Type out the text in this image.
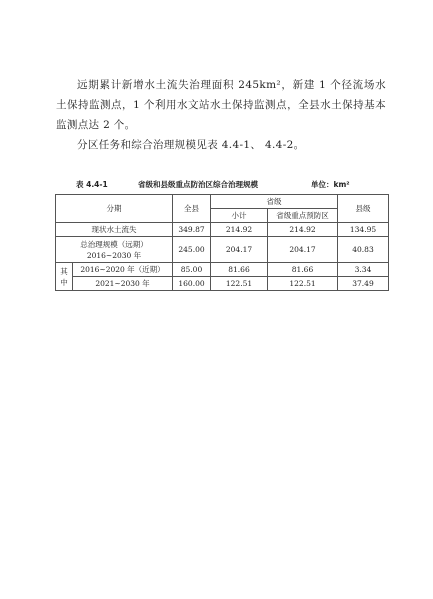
远期累计新增水土流失治理面积 245km²，新建 1 个径流场水土保持监测点，1 个利用水文站水土保持监测点，全县水土保持基本监测点达 2 个。

分区任务和综合治理规模见表 4.4-1、 4.4-2。

表 4.4-1	省级和县级重点防治区综合治理规模	单位：km²
分期		全县	省级		县级
			小计	省级重点预防区	
现状水土流失		349.87	214.92	214.92	134.95

总治理规模（远期）
2016~2030 年		245.00	204.17	204.17	40.83

其
中	2016~2020 年（近期）	85.00	81.66	81.66	3.34
	2021~2030 年	160.00	122.51	122.51	37.49
